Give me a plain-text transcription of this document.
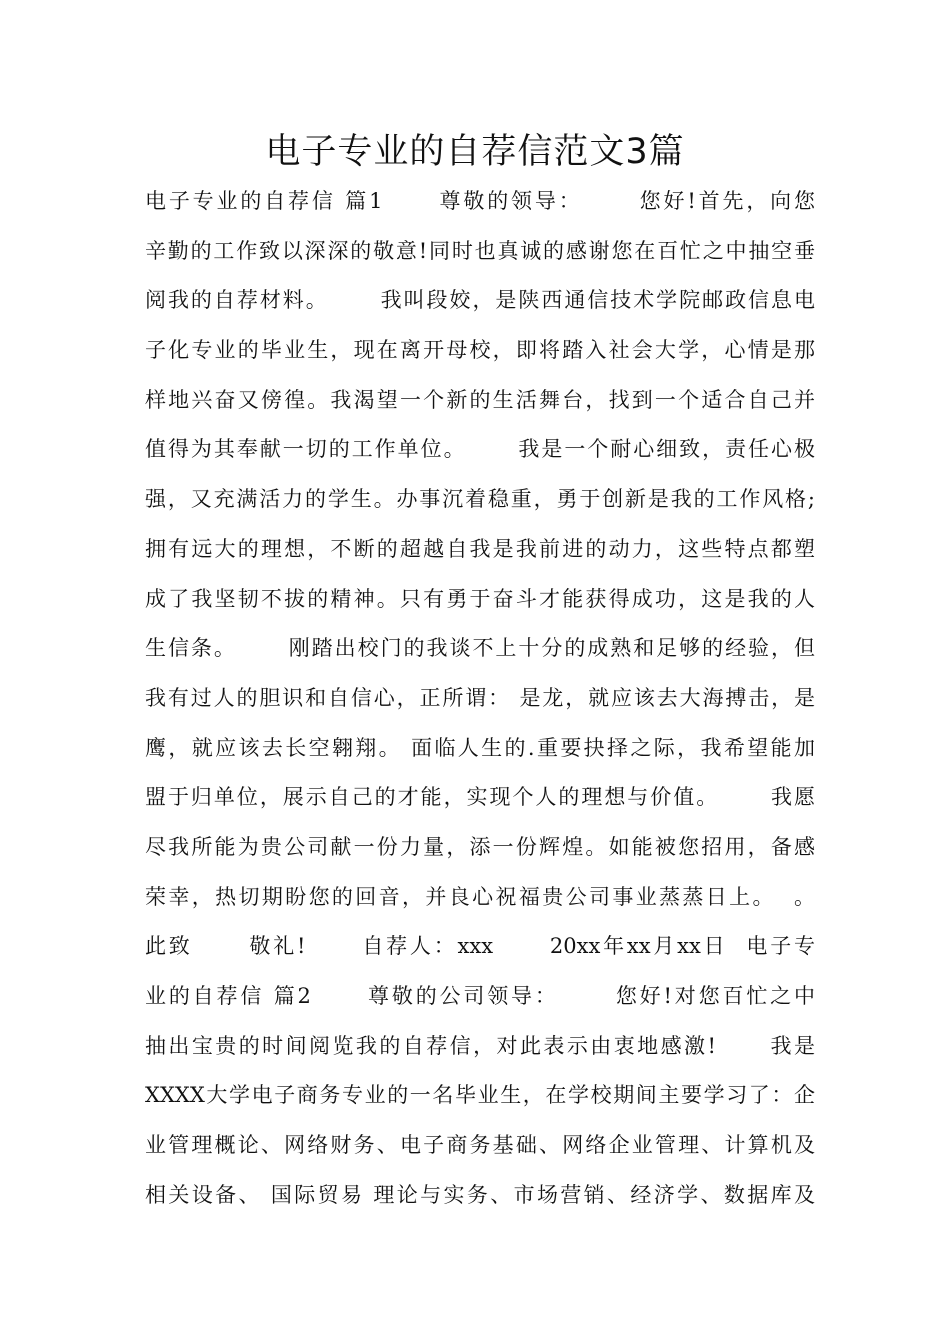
电子专业的自荐信范文3篇
电子专业的自荐信 篇1      尊敬的领导：      您好!首先，向您
辛勤的工作致以深深的敬意!同时也真诚的感谢您在百忙之中抽空垂
阅我的自荐材料。      我叫段姣，是陕西通信技术学院邮政信息电
子化专业的毕业生，现在离开母校，即将踏入社会大学，心情是那
样地兴奋又傍徨。我渴望一个新的生活舞台，找到一个适合自己并
值得为其奉献一切的工作单位。      我是一个耐心细致，责任心极
强，又充满活力的学生。办事沉着稳重，勇于创新是我的工作风格;
拥有远大的理想，不断的超越自我是我前进的动力，这些特点都塑
成了我坚韧不拔的精神。只有勇于奋斗才能获得成功，这是我的人
生信条。      刚踏出校门的我谈不上十分的成熟和足够的经验，但
我有过人的胆识和自信心，正所谓： 是龙，就应该去大海搏击，是
鹰，就应该去长空翱翔。 面临人生的.重要抉择之际，我希望能加
盟于归单位，展示自己的才能，实现个人的理想与价值。      我愿
尽我所能为贵公司献一份力量，添一份辉煌。如能被您招用，备感
荣幸，热切期盼您的回音，并良心祝福贵公司事业蒸蒸日上。  。
此致      敬礼!      自荐人：xxx      20xx年xx月xx日  电子专
业的自荐信 篇2      尊敬的公司领导：      您好!对您百忙之中
抽出宝贵的时间阅览我的自荐信，对此表示由衷地感激!      我是
XXXX大学电子商务专业的一名毕业生，在学校期间主要学习了：企
业管理概论、网络财务、电子商务基础、网络企业管理、计算机及
相关设备、 国际贸易 理论与实务、市场营销、经济学、数据库及
